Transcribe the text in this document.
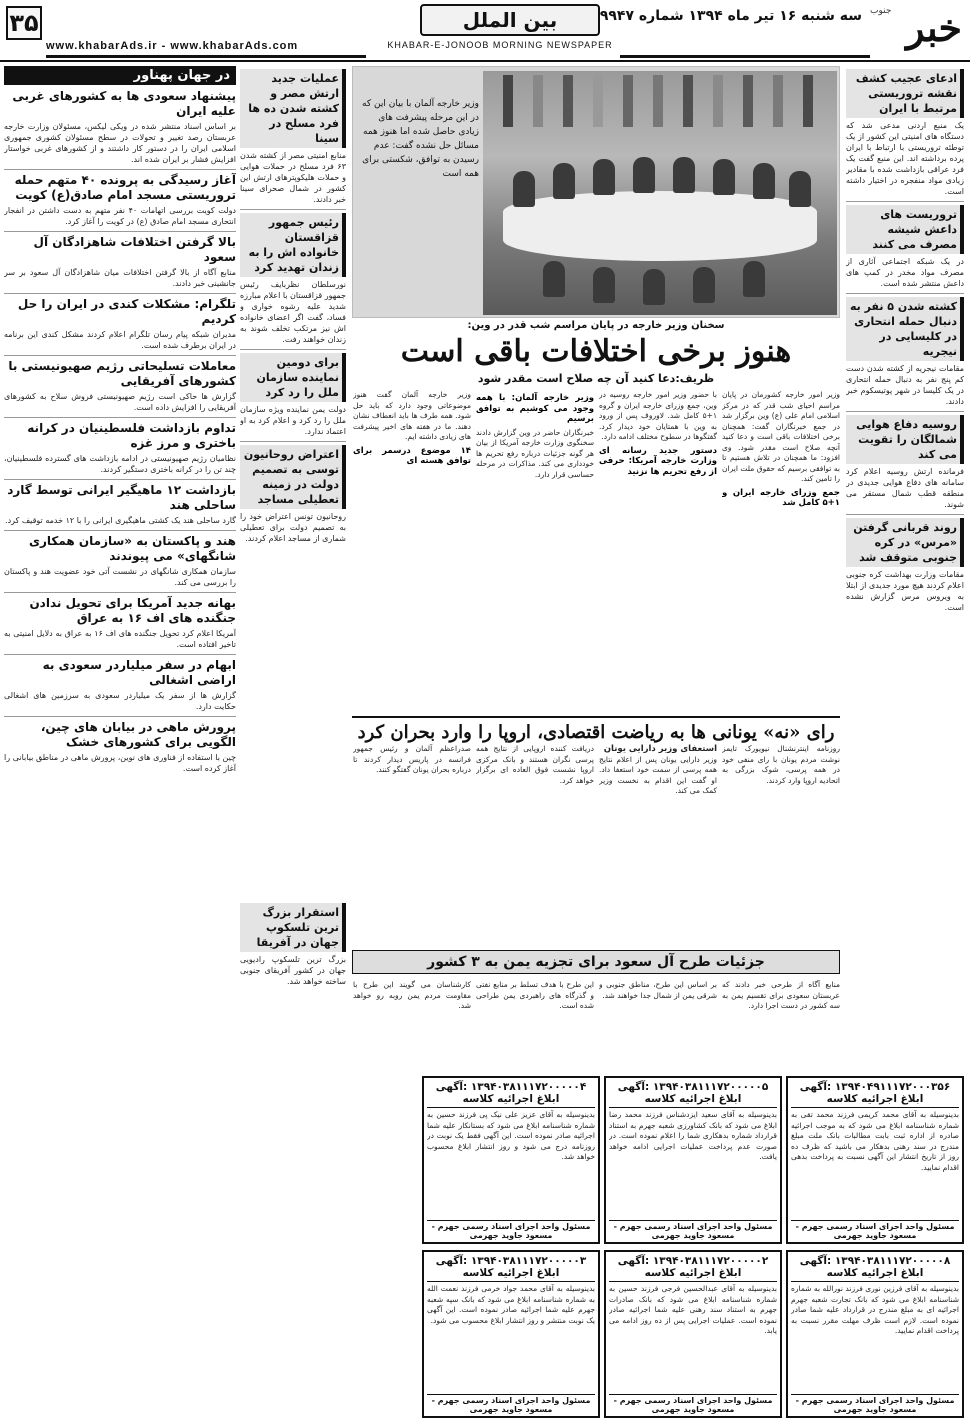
خبر
جنوب
سه شنبه ۱۶ تیر ماه ۱۳۹۴ شماره ۹۹۴۷
بین الملل
KHABAR-E-JONOOB MORNING NEWSPAPER
www.khabarAds.ir - www.khabarAds.com
۳۵
ادعای عجیب کشف نقشه تروریستی مرتبط با ایران
یک منبع اردنی مدعی شد که دستگاه های امنیتی این کشور از یک توطئه تروریستی با ارتباط با ایران پرده برداشته اند. این منبع گفت یک فرد عراقی بازداشت شده با مقادیر زیادی مواد منفجره در اختیار داشته است.
تروریست های داعش شیشه مصرف می کنند
در یک شبکه اجتماعی آثاری از مصرف مواد مخدر در کمپ های داعش منتشر شده است.
کشته شدن ۵ نفر به دنبال حمله انتحاری در کلیسایی در نیجریه
مقامات نیجریه از کشته شدن دست کم پنج نفر به دنبال حمله انتحاری در یک کلیسا در شهر پوتیسکوم خبر دادند.
روسیه دفاع هوایی شمالگان را تقویت می کند
فرمانده ارتش روسیه اعلام کرد سامانه های دفاع هوایی جدیدی در منطقه قطب شمال مستقر می شوند.
روند قربانی گرفتن «مرس» در کره جنوبی متوقف شد
مقامات وزارت بهداشت کره جنوبی اعلام کردند هیچ مورد جدیدی از ابتلا به ویروس مرس گزارش نشده است.
وزیر خارجه آلمان با بیان این که در این مرحله پیشرفت های زیادی حاصل شده اما هنوز همه مسائل حل نشده گفت: عدم رسیدن به توافق، شکستی برای همه است
سخنان وزیر خارجه در پایان مراسم شب قدر در وین:
هنوز برخی اختلافات باقی است
ظریف:دعا کنید آن چه صلاح است مقدر شود
وزیر امور خارجه کشورمان در پایان مراسم احیای شب قدر که در مرکز اسلامی امام علی (ع) وین برگزار شد در جمع خبرنگاران گفت: همچنان برخی اختلافات باقی است و دعا کنید آنچه صلاح است مقدر شود. وی افزود: ما همچنان در تلاش هستیم تا به توافقی برسیم که حقوق ملت ایران را تامین کند.
جمع وزرای خارجه ایران و ۱+۵ کامل شد
با حضور وزیر امور خارجه روسیه در وین، جمع وزرای خارجه ایران و گروه ۱+۵ کامل شد. لاوروف پس از ورود به وین با همتایان خود دیدار کرد. گفتگوها در سطوح مختلف ادامه دارد.
دستور جدید رسانه ای وزارت خارجه آمریکا: حرفی از رفع تحریم ها نزنید
وزیر خارجه آلمان: با همه وجود می کوشیم به توافق برسیم
خبرنگاران حاضر در وین گزارش دادند سخنگوی وزارت خارجه آمریکا از بیان هر گونه جزئیات درباره رفع تحریم ها خودداری می کند. مذاکرات در مرحله حساسی قرار دارد.
وزیر خارجه آلمان گفت هنوز موضوعاتی وجود دارد که باید حل شود. همه طرف ها باید انعطاف نشان دهند. ما در هفته های اخیر پیشرفت های زیادی داشته ایم.
۱۴ موضوع درسمر برای توافق هسته ای
رای «نه» یونانی ها به ریاضت اقتصادی، اروپا را وارد بحران کرد
روزنامه اینترنشنال نیویورک تایمز نوشت مردم یونان با رای منفی خود در همه پرسی، شوک بزرگی به اتحادیه اروپا وارد کردند.
استعفای وزیر دارایی یونان
وزیر دارایی یونان پس از اعلام نتایج همه پرسی از سمت خود استعفا داد. او گفت این اقدام به نخست وزیر کمک می کند.
دریافت کننده اروپایی از نتایج همه پرسی نگران هستند و بانک مرکزی اروپا نشست فوق العاده ای برگزار خواهد کرد.
صدراعظم آلمان و رئیس جمهور فرانسه در پاریس دیدار کردند تا درباره بحران یونان گفتگو کنند.
جزئیات طرح آل سعود برای تجزیه یمن به ۳ کشور
منابع آگاه از طرحی خبر دادند که عربستان سعودی برای تقسیم یمن به سه کشور در دست اجرا دارد.
بر اساس این طرح، مناطق جنوبی و شرقی یمن از شمال جدا خواهند شد.
این طرح با هدف تسلط بر منابع نفتی و گذرگاه های راهبردی یمن طراحی شده است.
کارشناسان می گویند این طرح با مقاومت مردم یمن روبه رو خواهد شد.
عملیات جدید ارتش مصر و کشته شدن ده ها فرد مسلح در سینا
منابع امنیتی مصر از کشته شدن ۶۳ فرد مسلح در حملات هوایی و حملات هلیکوپترهای ارتش این کشور در شمال صحرای سینا خبر دادند.
رئیس جمهور قزاقستان خانواده اش را به زندان تهدید کرد
نورسلطان نظربایف رئیس جمهور قزاقستان با اعلام مبارزه شدید علیه رشوه خواری و فساد، گفت اگر اعضای خانواده اش نیز مرتکب تخلف شوند به زندان خواهند رفت.
برای دومین نماینده سازمان ملل را رد کرد
دولت یمن نماینده ویژه سازمان ملل را رد کرد و اعلام کرد به او اعتماد ندارد.
اعتراض روحانیون توسی به تصمیم دولت در زمینه تعطیلی مساجد
روحانیون تونس اعتراض خود را به تصمیم دولت برای تعطیلی شماری از مساجد اعلام کردند.
استقرار بزرگ ترین تلسکوپ جهان در آفریقا
بزرگ ترین تلسکوپ رادیویی جهان در کشور آفریقای جنوبی ساخته خواهد شد.
در جهان پهناور
پیشنهاد سعودی ها به کشورهای غربی علیه ایران
بر اساس اسناد منتشر شده در ویکی لیکس، مسئولان وزارت خارجه عربستان رصد تغییر و تحولات در سطح مسئولان کشوری جمهوری اسلامی ایران را در دستور کار داشتند و از کشورهای غربی خواستار افزایش فشار بر ایران شده اند.
آغاز رسیدگی به پرونده ۴۰ متهم حمله تروریستی مسجد امام صادق(ع) کویت
دولت کویت بررسی اتهامات ۴۰ نفر متهم به دست داشتن در انفجار انتحاری مسجد امام صادق (ع) در کویت را آغاز کرد.
بالا گرفتن اختلافات شاهزادگان آل سعود
منابع آگاه از بالا گرفتن اختلافات میان شاهزادگان آل سعود بر سر جانشینی خبر دادند.
تلگرام: مشکلات کندی در ایران را حل کردیم
مدیران شبکه پیام رسان تلگرام اعلام کردند مشکل کندی این برنامه در ایران برطرف شده است.
معاملات تسلیحاتی رژیم صهیونیستی با کشورهای آفریقایی
گزارش ها حاکی است رژیم صهیونیستی فروش سلاح به کشورهای آفریقایی را افزایش داده است.
تداوم بازداشت فلسطینیان در کرانه باختری و مرز غزه
نظامیان رژیم صهیونیستی در ادامه بازداشت های گسترده فلسطینیان، چند تن را در کرانه باختری دستگیر کردند.
بازداشت ۱۲ ماهیگیر ایرانی توسط گارد ساحلی هند
گارد ساحلی هند یک کشتی ماهیگیری ایرانی را با ۱۲ خدمه توقیف کرد.
هند و پاکستان به «سازمان همکاری شانگهای» می پیوندند
سازمان همکاری شانگهای در نشست آتی خود عضویت هند و پاکستان را بررسی می کند.
بهانه جدید آمریکا برای تحویل ندادن جنگنده های اف ۱۶ به عراق
آمریکا اعلام کرد تحویل جنگنده های اف ۱۶ به عراق به دلایل امنیتی به تاخیر افتاده است.
ابهام در سفر میلیاردر سعودی به اراضی اشغالی
گزارش ها از سفر یک میلیاردر سعودی به سرزمین های اشغالی حکایت دارد.
پرورش ماهی در بیابان های چین، الگویی برای کشورهای خشک
چین با استفاده از فناوری های نوین، پرورش ماهی در مناطق بیابانی را آغاز کرده است.
۱۳۹۴۰۴۹۱۱۱۷۲۰۰۰۳۵۶ :آگهی ابلاغ اجرائیه کلاسه
بدینوسیله به آقای محمد کریمی فرزند محمد تقی به شماره شناسنامه ابلاغ می شود که به موجب اجرائیه صادره از اداره ثبت بابت مطالبات بانک ملت مبلغ مندرج در سند رهنی بدهکار می باشید که ظرف ده روز از تاریخ انتشار این آگهی نسبت به پرداخت بدهی اقدام نمایید.
مسئول واحد اجرای اسناد رسمی جهرم - مسعود جاوید جهرمی
۱۳۹۴۰۳۸۱۱۱۷۲۰۰۰۰۰۵ :آگهی ابلاغ اجرائیه کلاسه
بدینوسیله به آقای سعید ایزدشناس فرزند محمد رضا ابلاغ می شود که بانک کشاورزی شعبه جهرم به استناد قرارداد شماره بدهکاری شما را اعلام نموده است. در صورت عدم پرداخت عملیات اجرایی ادامه خواهد یافت.
مسئول واحد اجرای اسناد رسمی جهرم - مسعود جاوید جهرمی
۱۳۹۴۰۳۸۱۱۱۷۲۰۰۰۰۰۴ :آگهی ابلاغ اجرائیه کلاسه
بدینوسیله به آقای عزیز علی نیک پی فرزند حسین به شماره شناسنامه ابلاغ می شود که بستانکار علیه شما اجرائیه صادر نموده است. این آگهی فقط یک نوبت در روزنامه درج می شود و روز انتشار ابلاغ محسوب خواهد شد.
مسئول واحد اجرای اسناد رسمی جهرم - مسعود جاوید جهرمی
۱۳۹۴۰۳۸۱۱۱۷۲۰۰۰۰۰۸ :آگهی ابلاغ اجرائیه کلاسه
بدینوسیله به آقای فرزین نوری فرزند نورالله به شماره شناسنامه ابلاغ می شود که بانک تجارت شعبه جهرم اجرائیه ای به مبلغ مندرج در قرارداد علیه شما صادر نموده است. لازم است ظرف مهلت مقرر نسبت به پرداخت اقدام نمایید.
مسئول واحد اجرای اسناد رسمی جهرم - مسعود جاوید جهرمی
۱۳۹۴۰۳۸۱۱۱۷۲۰۰۰۰۰۲ :آگهی ابلاغ اجرائیه کلاسه
بدینوسیله به آقای عبدالحسین فرجی فرزند حسین به شماره شناسنامه ابلاغ می شود که بانک صادرات جهرم به استناد سند رهنی علیه شما اجرائیه صادر نموده است. عملیات اجرایی پس از ده روز ادامه می یابد.
مسئول واحد اجرای اسناد رسمی جهرم - مسعود جاوید جهرمی
۱۳۹۴۰۳۸۱۱۱۷۲۰۰۰۰۰۳ :آگهی ابلاغ اجرائیه کلاسه
بدینوسیله به آقای محمد جواد خرمی فرزند نعمت الله به شماره شناسنامه ابلاغ می شود که بانک سپه شعبه جهرم علیه شما اجرائیه صادر نموده است. این آگهی یک نوبت منتشر و روز انتشار ابلاغ محسوب می شود.
مسئول واحد اجرای اسناد رسمی جهرم - مسعود جاوید جهرمی
